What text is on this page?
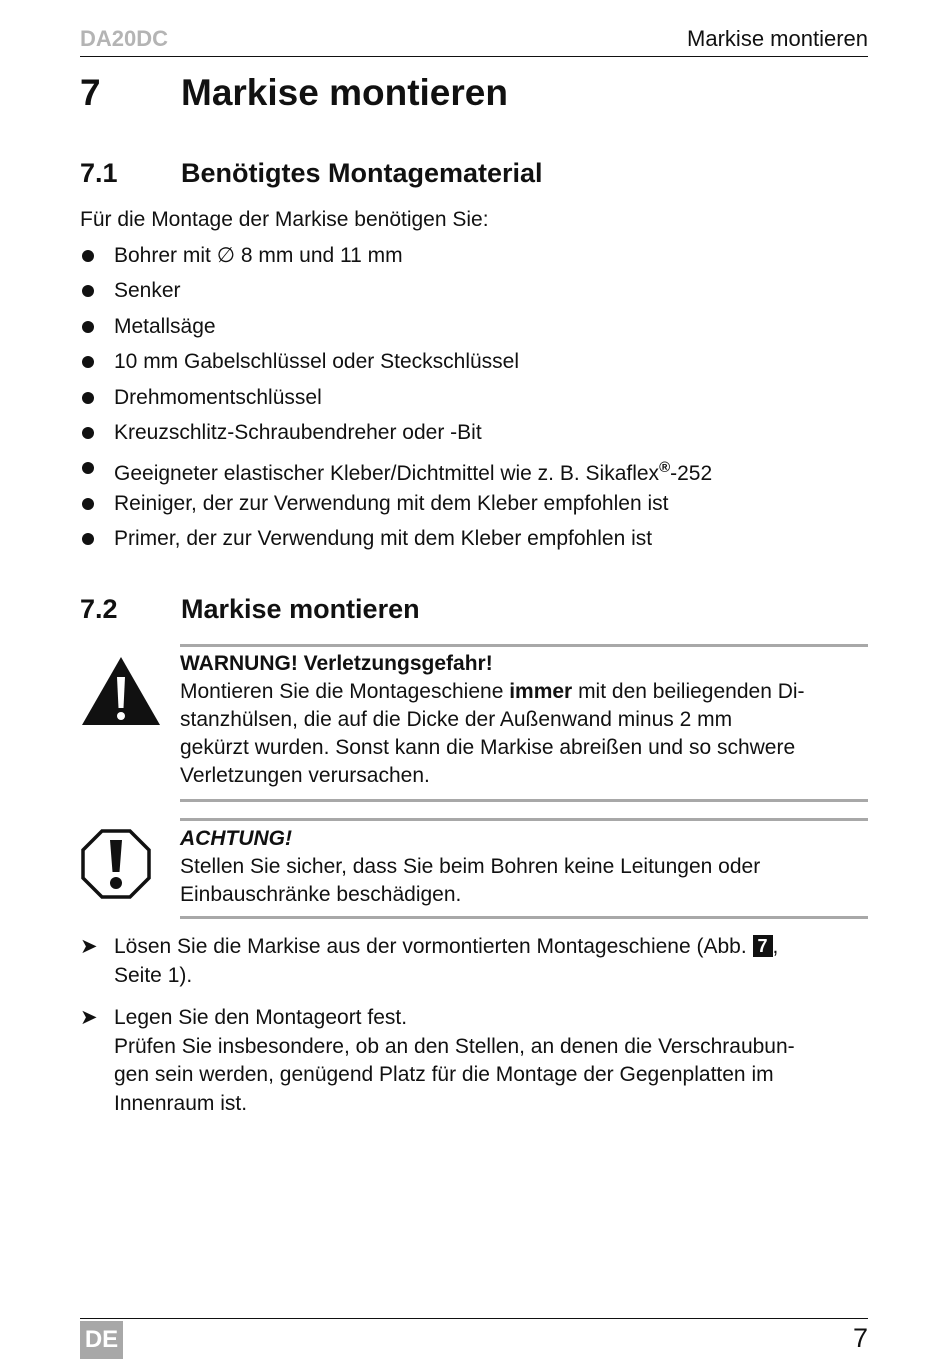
DA20DC	Markise montieren
7 Markise montieren
7.1 Benötigtes Montagematerial
Für die Montage der Markise benötigen Sie:
Bohrer mit ∅ 8 mm und 11 mm
Senker
Metallsäge
10 mm Gabelschlüssel oder Steckschlüssel
Drehmomentschlüssel
Kreuzschlitz-Schraubendreher oder -Bit
Geeigneter elastischer Kleber/Dichtmittel wie z. B. Sikaflex®-252
Reiniger, der zur Verwendung mit dem Kleber empfohlen ist
Primer, der zur Verwendung mit dem Kleber empfohlen ist
7.2 Markise montieren
WARNUNG! Verletzungsgefahr!
Montieren Sie die Montageschiene immer mit den beiliegenden Di-
stanzhülsen, die auf die Dicke der Außenwand minus 2 mm
gekürzt wurden. Sonst kann die Markise abreißen und so schwere
Verletzungen verursachen.
ACHTUNG!
Stellen Sie sicher, dass Sie beim Bohren keine Leitungen oder
Einbauschränke beschädigen.
➤ Lösen Sie die Markise aus der vormontierten Montageschiene (Abb. 7 ,
Seite 1).
➤ Legen Sie den Montageort fest.
Prüfen Sie insbesondere, ob an den Stellen, an denen die Verschraubun-
gen sein werden, genügend Platz für die Montage der Gegenplatten im
Innenraum ist.
DE	7
